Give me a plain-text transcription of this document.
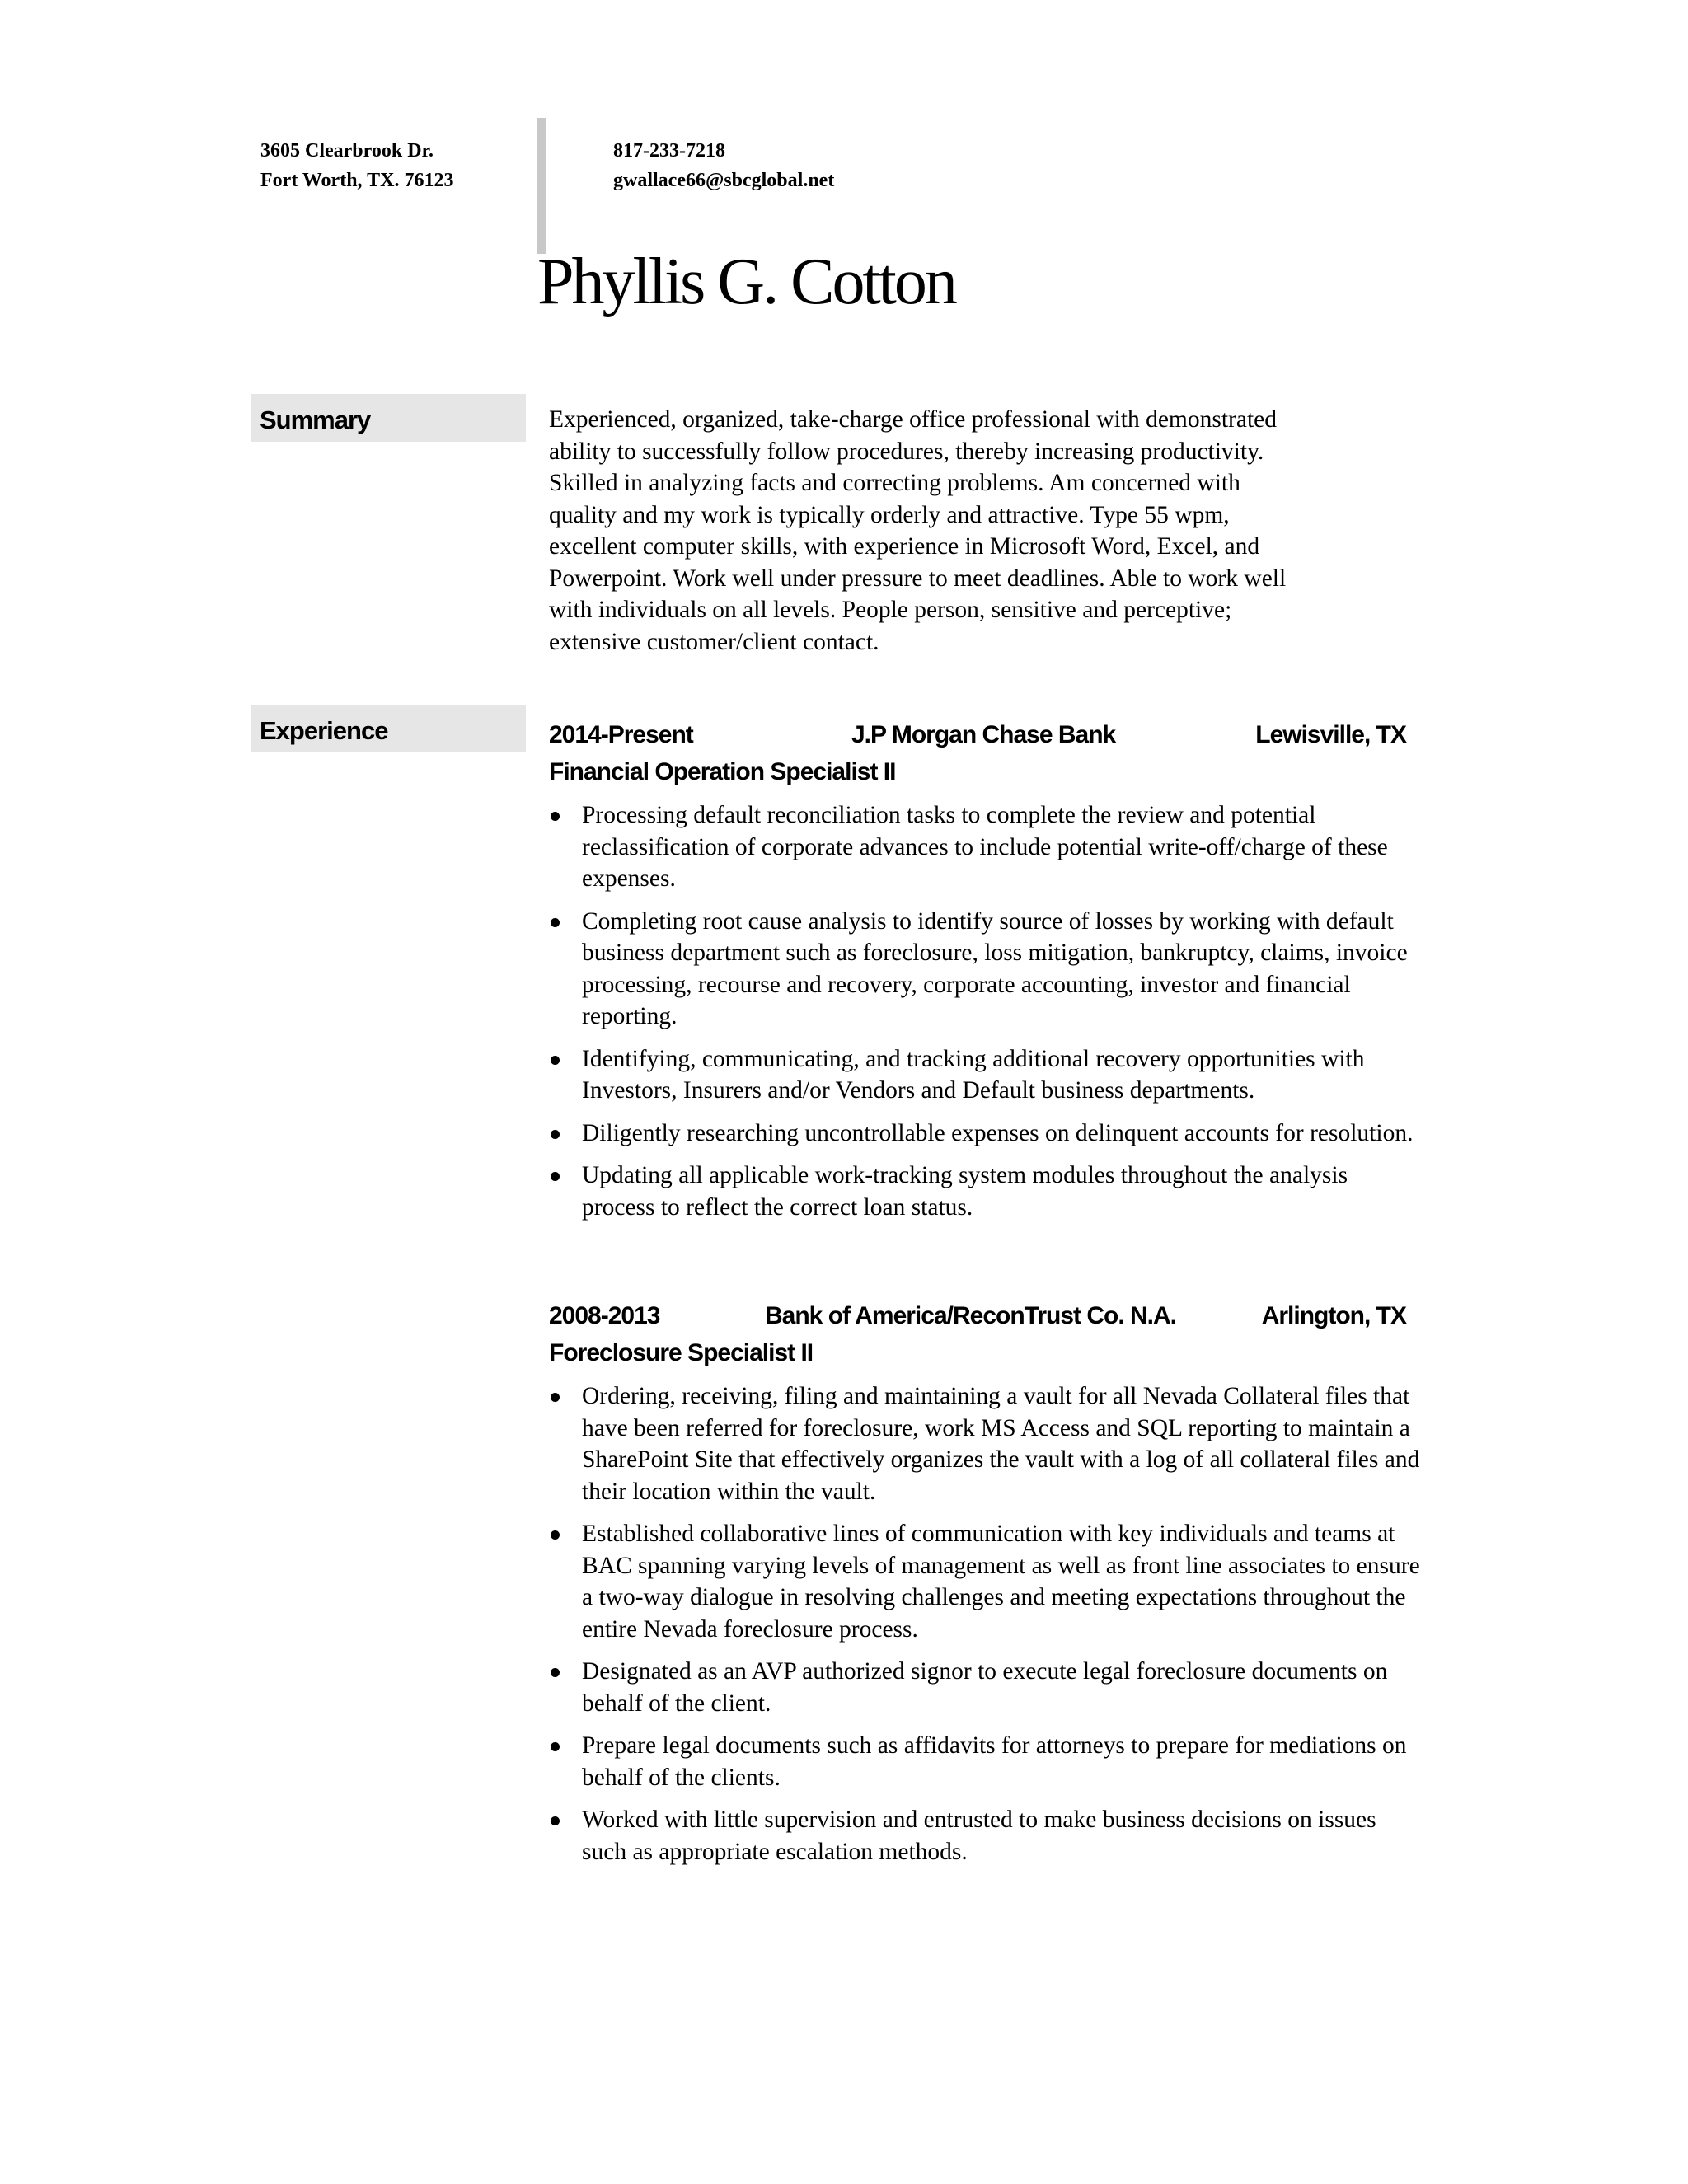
3605 Clearbrook Dr.
Fort Worth, TX. 76123
817-233-7218
gwallace66@sbcglobal.net
Phyllis G. Cotton
Summary	Experienced, organized, take-charge office professional with demonstrated
ability to successfully follow procedures, thereby increasing productivity.
Skilled in analyzing facts and correcting problems. Am concerned with
quality and my work is typically orderly and attractive. Type 55 wpm,
excellent computer skills, with experience in Microsoft Word, Excel, and
Powerpoint. Work well under pressure to meet deadlines. Able to work well
with individuals on all levels. People person, sensitive and perceptive;
extensive customer/client contact.
Experience	2014-Present	J.P Morgan Chase Bank	Lewisville, TX
Financial Operation Specialist II
Processing default reconciliation tasks to complete the review and potential reclassification of corporate advances to include potential write-off/charge of these expenses.
Completing root cause analysis to identify source of losses by working with default business department such as foreclosure, loss mitigation, bankruptcy, claims, invoice processing, recourse and recovery, corporate accounting, investor and financial reporting.
Identifying, communicating, and tracking additional recovery opportunities with Investors, Insurers and/or Vendors and Default business departments.
Diligently researching uncontrollable expenses on delinquent accounts for resolution.
Updating all applicable work-tracking system modules throughout the analysis process to reflect the correct loan status.
2008-2013	Bank of America/ReconTrust Co. N.A.	Arlington, TX
Foreclosure Specialist II
Ordering, receiving, filing and maintaining a vault for all Nevada Collateral files that have been referred for foreclosure, work MS Access and SQL reporting to maintain a SharePoint Site that effectively organizes the vault with a log of all collateral files and their location within the vault.
Established collaborative lines of communication with key individuals and teams at BAC spanning varying levels of management as well as front line associates to ensure a two-way dialogue in resolving challenges and meeting expectations throughout the entire Nevada foreclosure process.
Designated as an AVP authorized signor to execute legal foreclosure documents on behalf of the client.
Prepare legal documents such as affidavits for attorneys to prepare for mediations on behalf of the clients.
Worked with little supervision and entrusted to make business decisions on issues such as appropriate escalation methods.
